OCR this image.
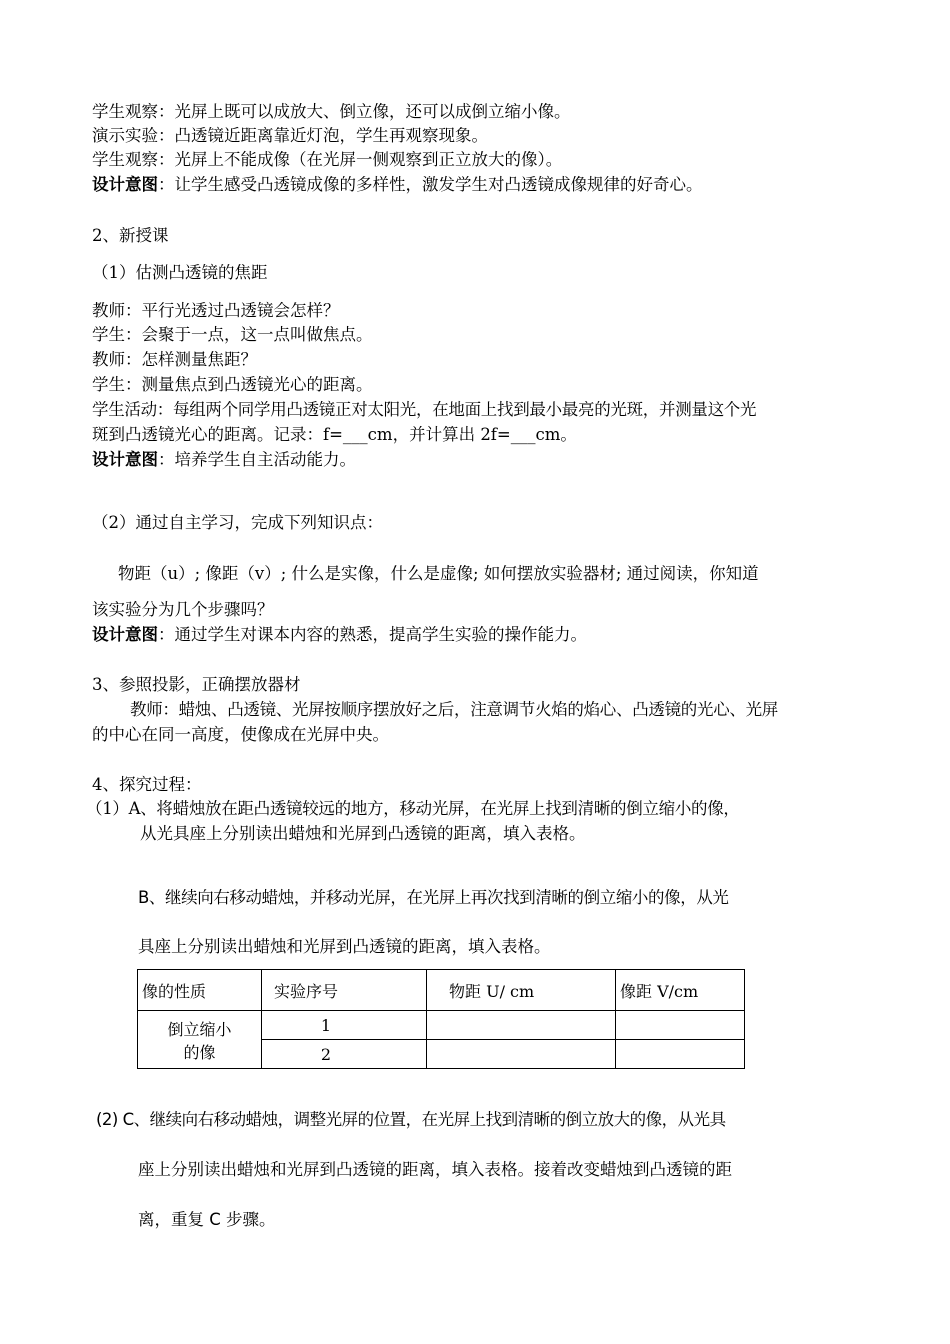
学生观察：光屏上既可以成放大、倒立像，还可以成倒立缩小像。
演示实验：凸透镜近距离靠近灯泡，学生再观察现象。
学生观察：光屏上不能成像（在光屏一侧观察到正立放大的像）。
设计意图：让学生感受凸透镜成像的多样性，激发学生对凸透镜成像规律的好奇心。
2、新授课
（1）估测凸透镜的焦距
教师：平行光透过凸透镜会怎样？
学生：会聚于一点，这一点叫做焦点。
教师：怎样测量焦距？
学生：测量焦点到凸透镜光心的距离。
学生活动：每组两个同学用凸透镜正对太阳光，在地面上找到最小最亮的光斑，并测量这个光
斑到凸透镜光心的距离。记录：f=___cm，并计算出 2f=___cm。
设计意图：培养学生自主活动能力。
（2）通过自主学习，完成下列知识点：
物距（u）; 像距（v）; 什么是实像，什么是虚像; 如何摆放实验器材; 通过阅读，你知道
该实验分为几个步骤吗？
设计意图：通过学生对课本内容的熟悉，提高学生实验的操作能力。
3、参照投影，正确摆放器材
教师：蜡烛、凸透镜、光屏按顺序摆放好之后，注意调节火焰的焰心、凸透镜的光心、光屏
的中心在同一高度，使像成在光屏中央。
4、探究过程：
（1）A、将蜡烛放在距凸透镜较远的地方，移动光屏，在光屏上找到清晰的倒立缩小的像，
从光具座上分别读出蜡烛和光屏到凸透镜的距离，填入表格。
B、继续向右移动蜡烛，并移动光屏，在光屏上再次找到清晰的倒立缩小的像，从光
具座上分别读出蜡烛和光屏到凸透镜的距离，填入表格。
像的性质	实验序号	物距 U/ cm	像距 V/cm

倒立缩小
的像	1		
	2		
(2) C、继续向右移动蜡烛，调整光屏的位置，在光屏上找到清晰的倒立放大的像，从光具
座上分别读出蜡烛和光屏到凸透镜的距离，填入表格。接着改变蜡烛到凸透镜的距
离，重复 C 步骤。
